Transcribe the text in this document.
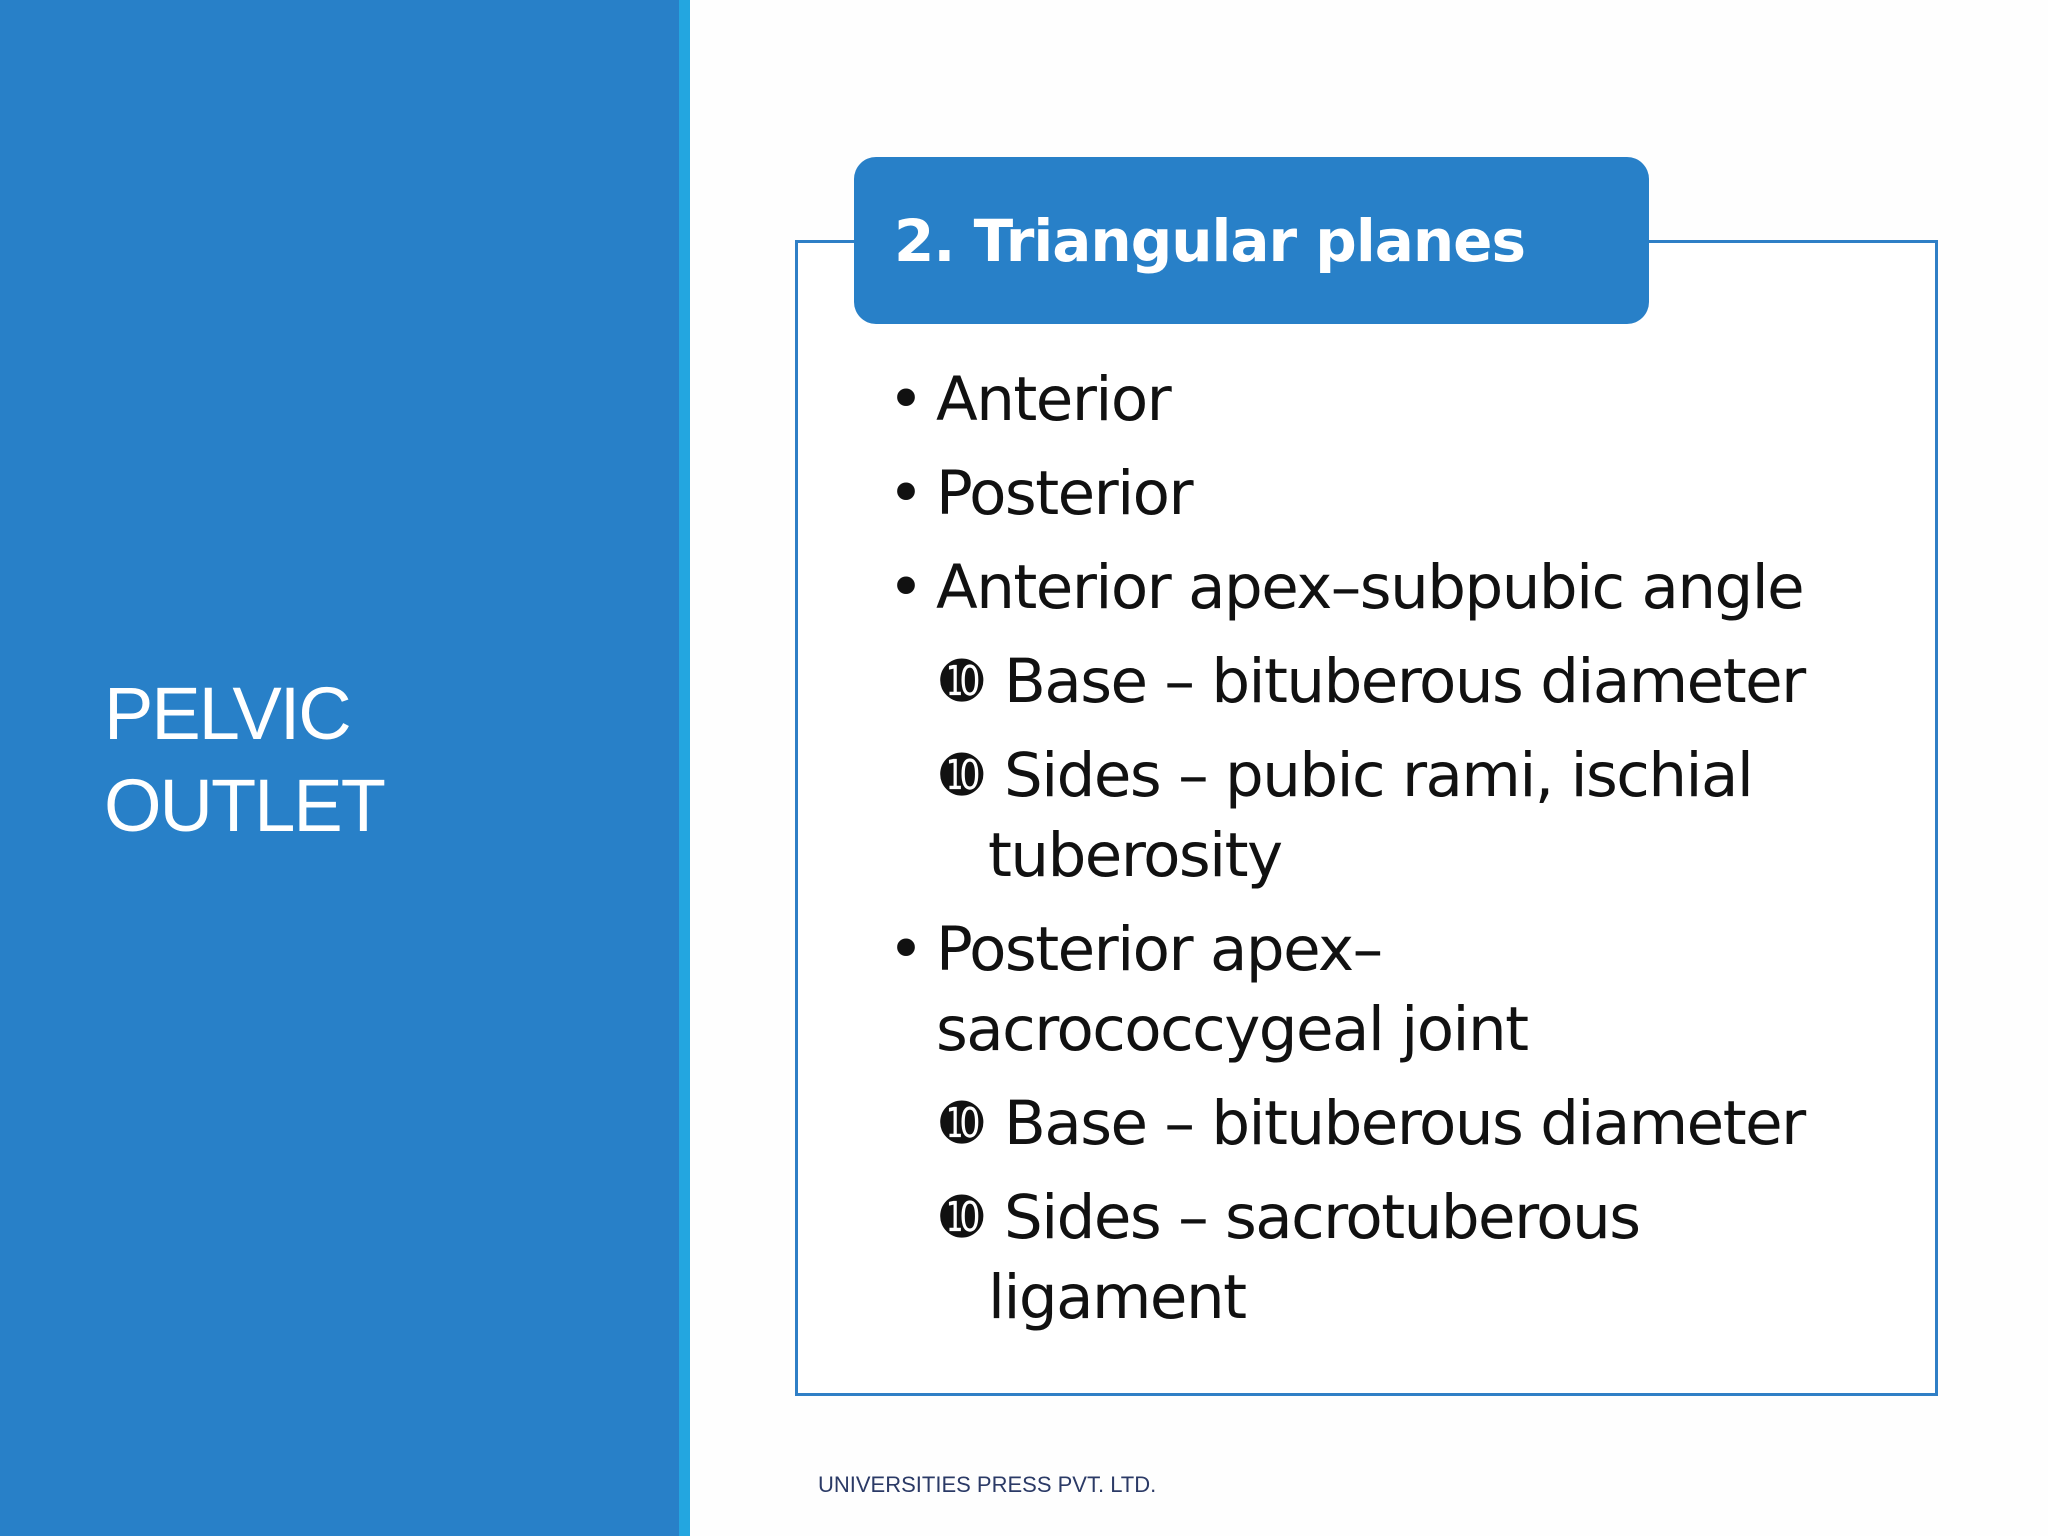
PELVIC
OUTLET
2. Triangular planes
• Anterior
• Posterior
• Anterior apex–subpubic angle
➓ Base – bituberous diameter
➓ Sides – pubic rami, ischial
tuberosity
• Posterior apex–
sacrococcygeal joint
➓ Base – bituberous diameter
➓ Sides – sacrotuberous
ligament
UNIVERSITIES PRESS PVT. LTD.
